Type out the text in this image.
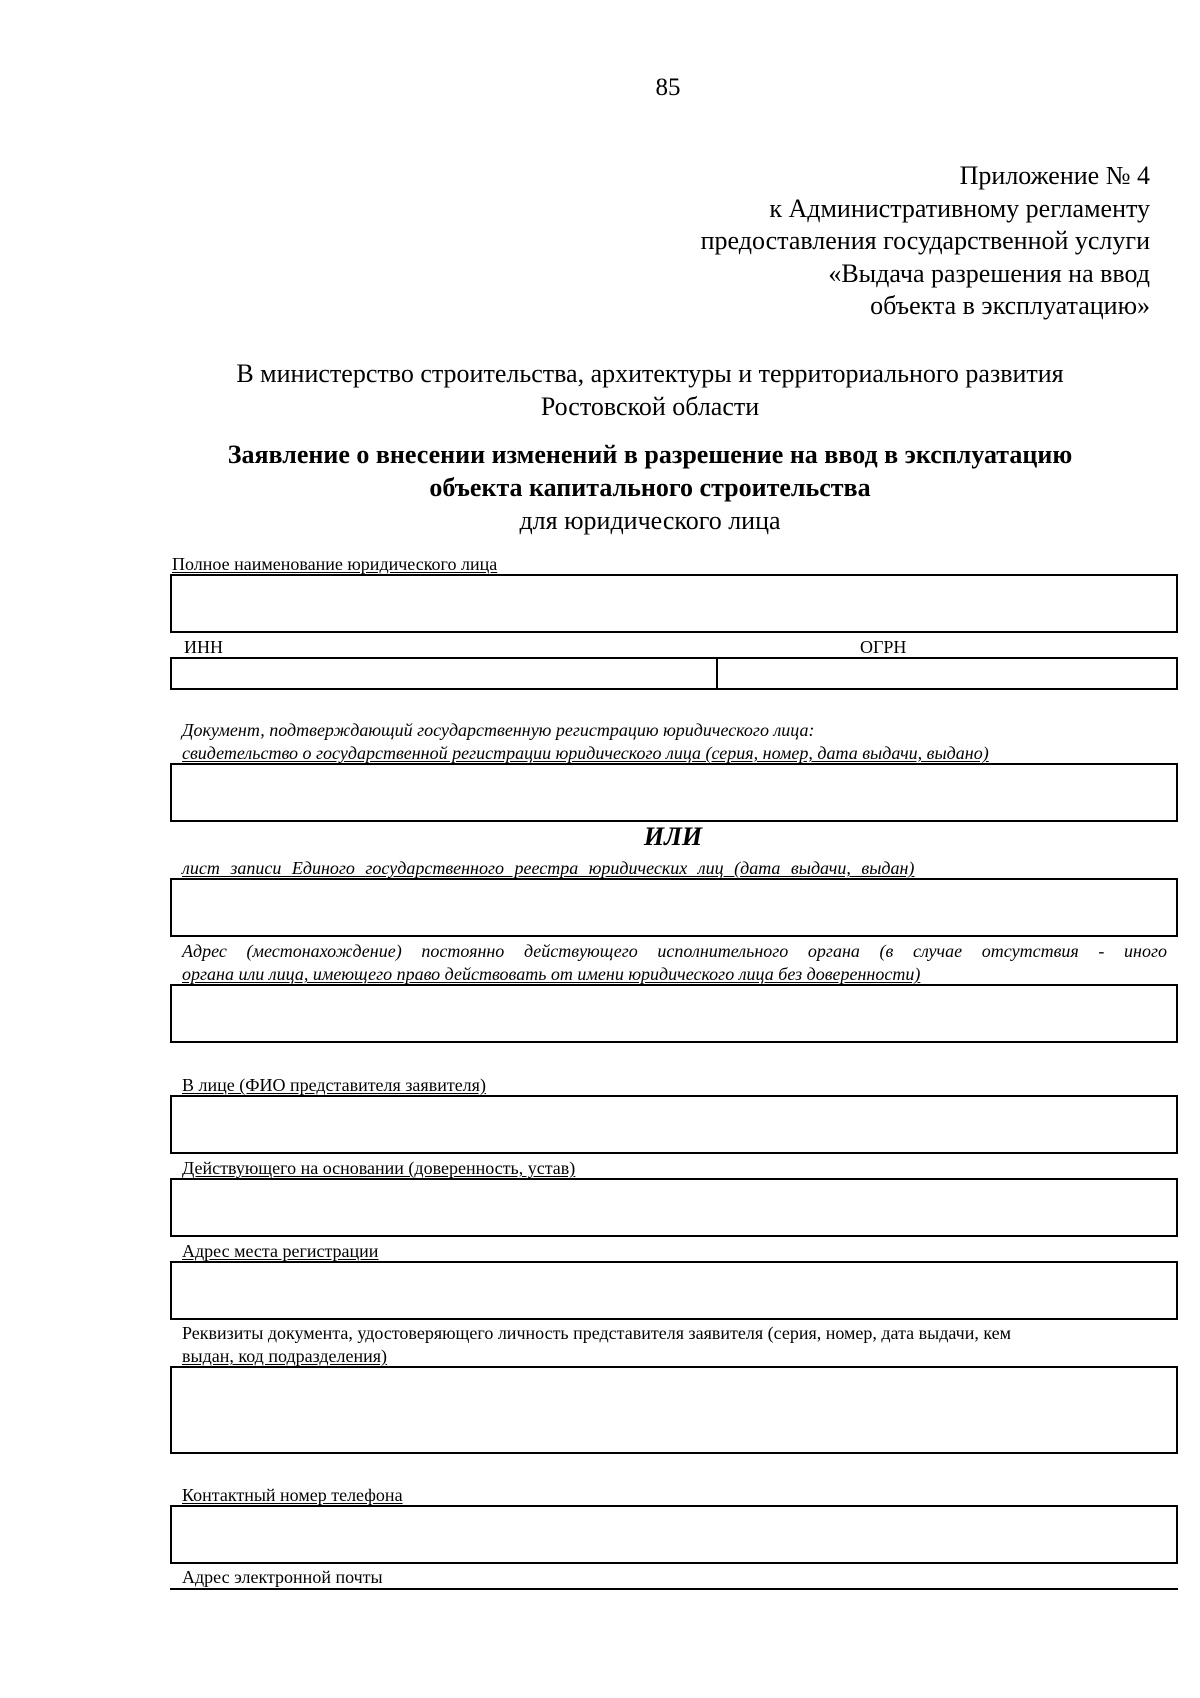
85
Приложение № 4
к Административному регламенту
предоставления государственной услуги
«Выдача разрешения на ввод
объекта в эксплуатацию»
В министерство строительства, архитектуры и территориального развития
Ростовской области
Заявление о внесении изменений в разрешение на ввод в эксплуатацию
объекта капитального строительства
для юридического лица
Полное наименование юридического лица
ИНН	ОГРН
Документ, подтверждающий государственную регистрацию юридического лица:
свидетельство о государственной регистрации юридического лица (серия, номер, дата выдачи, выдано)
ИЛИ
лист записи Единого государственного реестра юридических лиц (дата выдачи, выдан)
Адрес (местонахождение) постоянно действующего исполнительного органа (в случае отсутствия - иного
органа или лица, имеющего право действовать от имени юридического лица без доверенности)
В лице (ФИО представителя заявителя)
Действующего на основании (доверенность, устав)
Адрес места регистрации
Реквизиты документа, удостоверяющего личность представителя заявителя (серия, номер, дата выдачи, кем
выдан, код подразделения)
Контактный номер телефона
Адрес электронной почты
